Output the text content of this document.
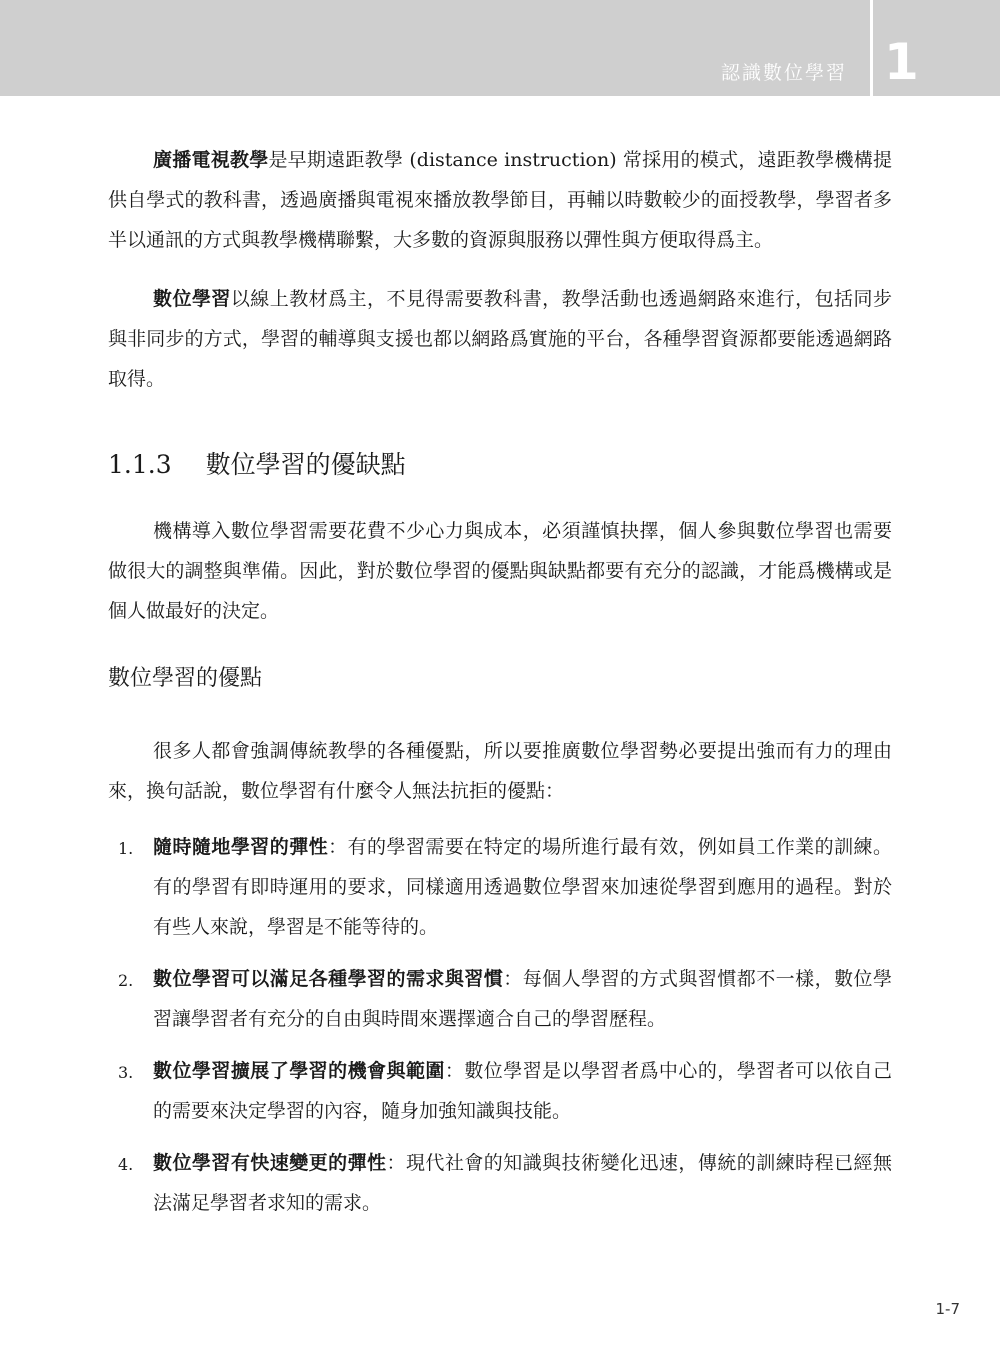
認識數位學習 1

廣播電視教學是早期遠距教學 (distance instruction) 常採用的模式，遠距教學機構提供自學式的教科書，透過廣播與電視來播放教學節目，再輔以時數較少的面授教學，學習者多半以通訊的方式與教學機構聯繫，大多數的資源與服務以彈性與方便取得爲主。

數位學習以線上教材爲主，不見得需要教科書，教學活動也透過網路來進行，包括同步與非同步的方式，學習的輔導與支援也都以網路爲實施的平台，各種學習資源都要能透過網路取得。

1.1.3 數位學習的優缺點

機構導入數位學習需要花費不少心力與成本，必須謹慎抉擇，個人參與數位學習也需要做很大的調整與準備。因此，對於數位學習的優點與缺點都要有充分的認識，才能爲機構或是個人做最好的決定。

數位學習的優點

很多人都會強調傳統教學的各種優點，所以要推廣數位學習勢必要提出強而有力的理由來，換句話說，數位學習有什麼令人無法抗拒的優點：

1. 隨時隨地學習的彈性：有的學習需要在特定的場所進行最有效，例如員工作業的訓練。有的學習有即時運用的要求，同樣適用透過數位學習來加速從學習到應用的過程。對於有些人來說，學習是不能等待的。
2. 數位學習可以滿足各種學習的需求與習慣：每個人學習的方式與習慣都不一樣，數位學習讓學習者有充分的自由與時間來選擇適合自己的學習歷程。
3. 數位學習擴展了學習的機會與範圍：數位學習是以學習者爲中心的，學習者可以依自己的需要來決定學習的內容，隨身加強知識與技能。
4. 數位學習有快速變更的彈性：現代社會的知識與技術變化迅速，傳統的訓練時程已經無法滿足學習者求知的需求。
1-7
